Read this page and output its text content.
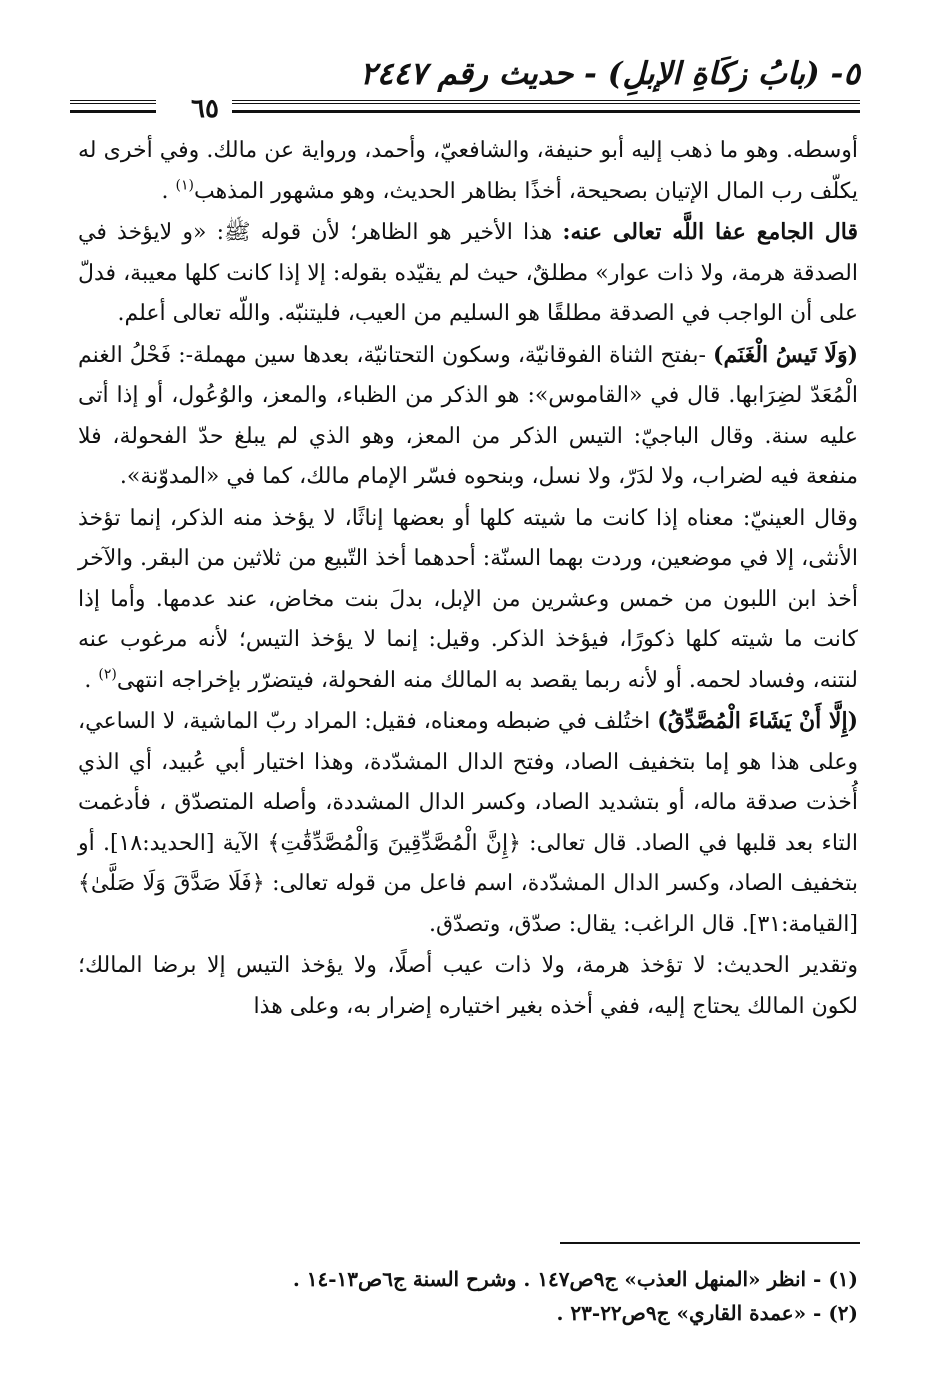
٥- (بابُ زكَاةِ الإبلِ) - حديث رقم ٢٤٤٧
٦٥

أوسطه. وهو ما ذهب إليه أبو حنيفة، والشافعيّ، وأحمد، ورواية عن مالك. وفي أخرى له يكلّف رب المال الإتيان بصحيحة، أخذًا بظاهر الحديث، وهو مشهور المذهب$^{(١)}$ .

قال الجامع عفا اللَّه تعالى عنه: هذا الأخير هو الظاهر؛ لأن قوله ﷺ: «و لايؤخذ في الصدقة هرمة، ولا ذات عوار» مطلقٌ، حيث لم يقيّده بقوله: إلا إذا كانت كلها معيبة، فدلّ على أن الواجب في الصدقة مطلقًا هو السليم من العيب، فليتنبّه. واللّه تعالى أعلم.

(وَلَا تَيسُ الْغَنَم) -بفتح الثناة الفوقانيّة، وسكون التحتانيّة، بعدها سين مهملة-: فَحْلُ الغنم الْمُعَدّ لضِرَابها. قال في «القاموس»: هو الذكر من الظباء، والمعز، والوُعُول، أو إذا أتى عليه سنة. وقال الباجيّ: التيس الذكر من المعز، وهو الذي لم يبلغ حدّ الفحولة، فلا منفعة فيه لضراب، ولا لدَرّ، ولا نسل، وبنحوه فسّر الإمام مالك، كما في «المدوّنة».

وقال العينيّ: معناه إذا كانت ما شيته كلها أو بعضها إناثًا، لا يؤخذ منه الذكر، إنما تؤخذ الأنثى، إلا في موضعين، وردت بهما السنّة: أحدهما أخذ التّبيع من ثلاثين من البقر. والآخر أخذ ابن اللبون من خمس وعشرين من الإبل، بدلَ بنت مخاض، عند عدمها. وأما إذا كانت ما شيته كلها ذكورًا، فيؤخذ الذكر. وقيل: إنما لا يؤخذ التيس؛ لأنه مرغوب عنه لنتنه، وفساد لحمه. أو لأنه ربما يقصد به المالك منه الفحولة، فيتضرّر بإخراجه انتهى$^{(٢)}$ .

(إِلَّا أَنْ يَشَاءَ الْمُصَّدِّقُ) اختُلف في ضبطه ومعناه، فقيل: المراد ربّ الماشية، لا الساعي، وعلى هذا هو إما بتخفيف الصاد، وفتح الدال المشدّدة، وهذا اختيار أبي عُبيد، أي الذي أُخذت صدقة ماله، أو بتشديد الصاد، وكسر الدال المشددة، وأصله المتصدّق ، فأدغمت التاء بعد قلبها في الصاد. قال تعالى: ﴿إِنَّ الْمُصَّدِّقِينَ وَالْمُصَّدِّقَٰتِ﴾ الآية [الحديد:١٨]. أو بتخفيف الصاد، وكسر الدال المشدّدة، اسم فاعل من قوله تعالى: ﴿فَلَا صَدَّقَ وَلَا صَلَّىٰ﴾ [القيامة:٣١]. قال الراغب: يقال: صدّق، وتصدّق.

وتقدير الحديث: لا تؤخذ هرمة، ولا ذات عيب أصلًا، ولا يؤخذ التيس إلا برضا المالك؛ لكون المالك يحتاج إليه، ففي أخذه بغير اختياره إضرار به، وعلى هذا

(١) - انظر «المنهل العذب» ج٩ص١٤٧ . وشرح السنة ج٦ص١٣-١٤ .
(٢) - «عمدة القاري» ج٩ص٢٢-٢٣ .
